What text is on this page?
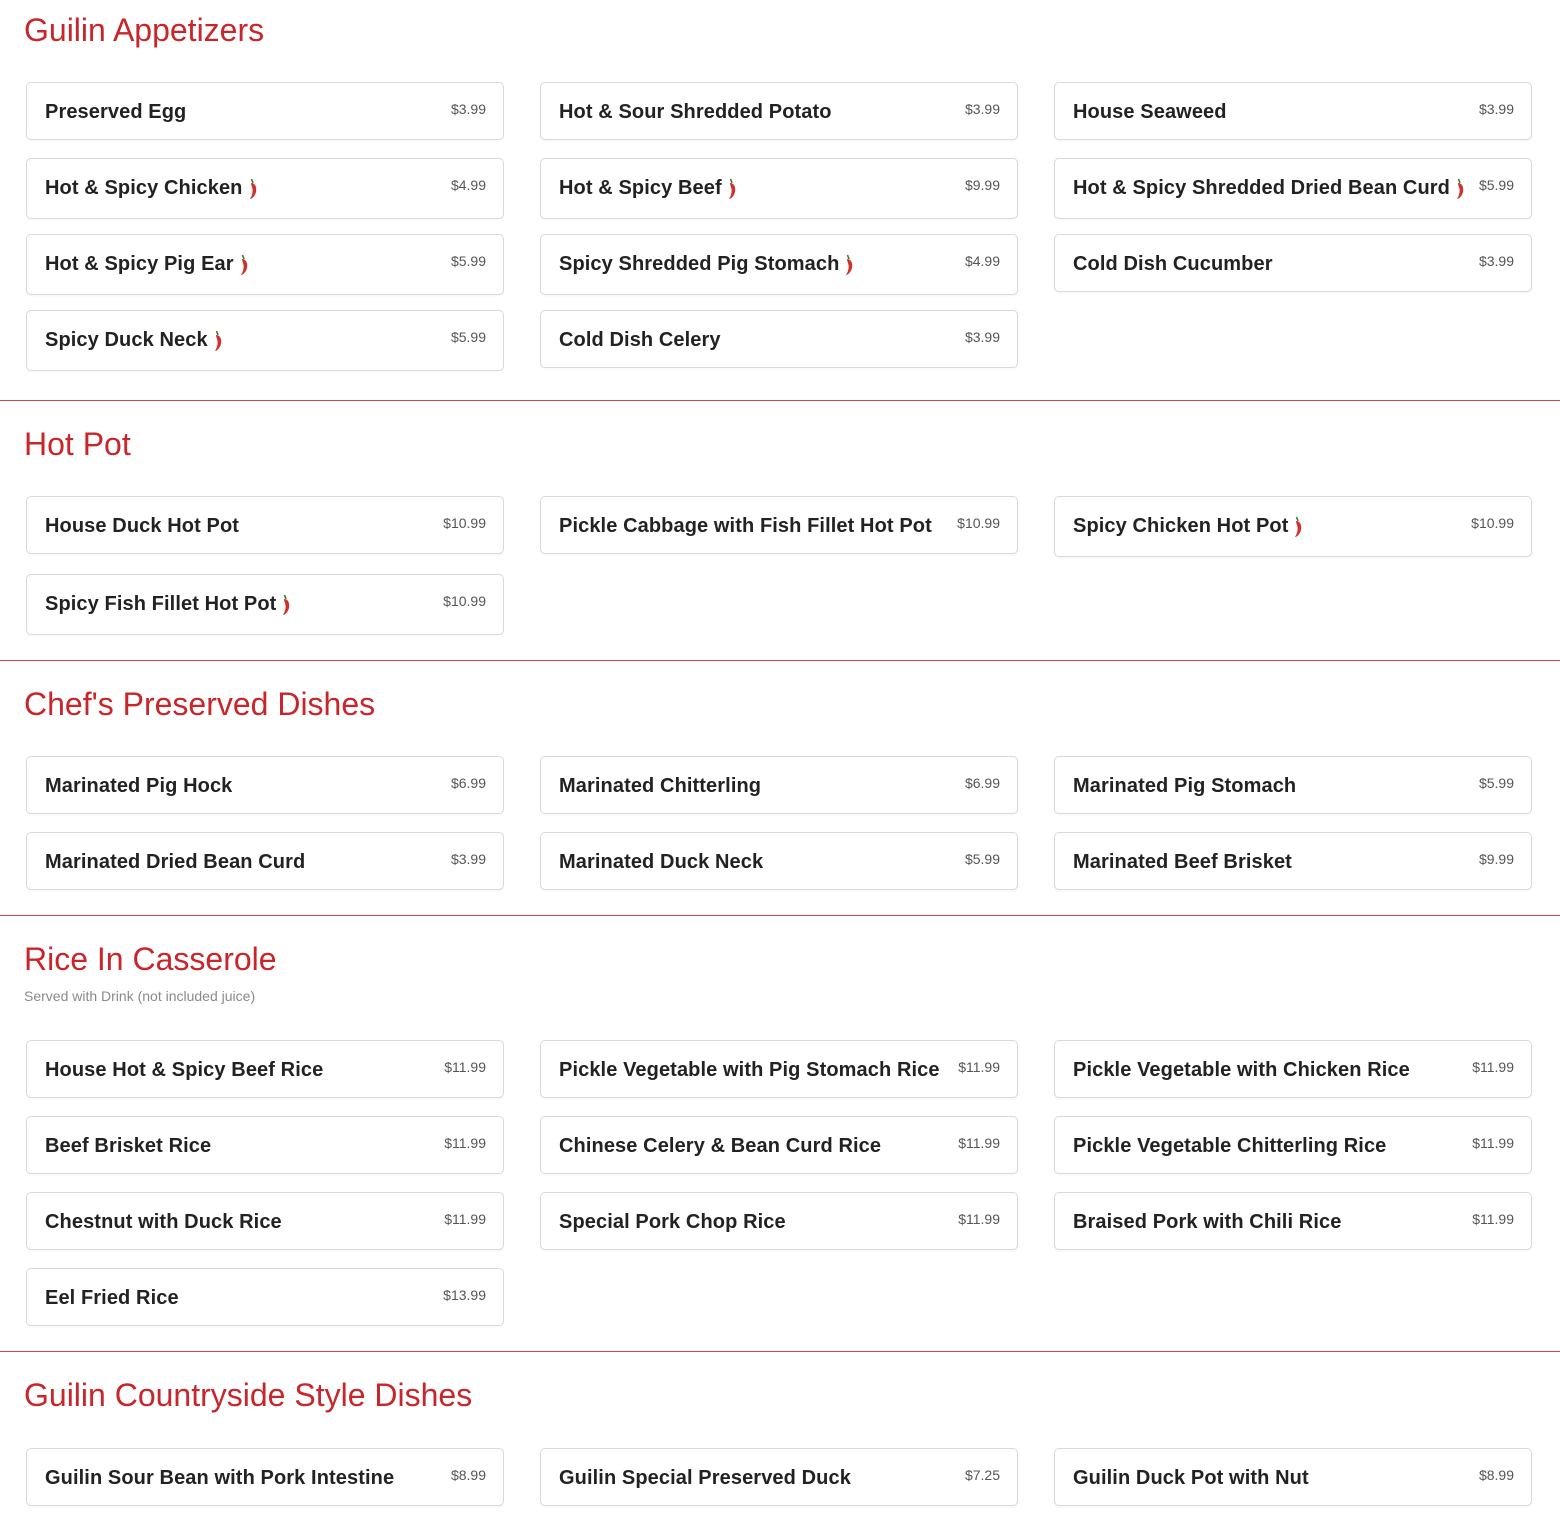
Guilin Appetizers
Preserved Egg	$3.99	Hot & Sour Shredded Potato	$3.99	House Seaweed	$3.99
Hot & Spicy Chicken	$4.99	Hot & Spicy Beef	$9.99	Hot & Spicy Shredded Dried Bean Curd	$5.99
Hot & Spicy Pig Ear	$5.99	Spicy Shredded Pig Stomach	$4.99	Cold Dish Cucumber	$3.99
Spicy Duck Neck	$5.99	Cold Dish Celery	$3.99
Hot Pot
House Duck Hot Pot	$10.99	Pickle Cabbage with Fish Fillet Hot Pot $10.99	Spicy Chicken Hot Pot	$10.99
Spicy Fish Fillet Hot Pot	$10.99
Chef's Preserved Dishes
Marinated Pig Hock	$6.99	Marinated Chitterling	$6.99	Marinated Pig Stomach	$5.99
Marinated Dried Bean Curd	$3.99	Marinated Duck Neck	$5.99	Marinated Beef Brisket	$9.99
Rice In Casserole
Served with Drink (not included juice)
House Hot & Spicy Beef Rice	$11.99	Pickle Vegetable with Pig Stomach Rice $11.99	Pickle Vegetable with Chicken Rice	$11.99
Beef Brisket Rice	$11.99	Chinese Celery & Bean Curd Rice	$11.99	Pickle Vegetable Chitterling Rice	$11.99
Chestnut with Duck Rice	$11.99	Special Pork Chop Rice	$11.99	Braised Pork with Chili Rice	$11.99
Eel Fried Rice	$13.99
Guilin Countryside Style Dishes
Guilin Sour Bean with Pork Intestine	$8.99	Guilin Special Preserved Duck	$7.25	Guilin Duck Pot with Nut	$8.99
